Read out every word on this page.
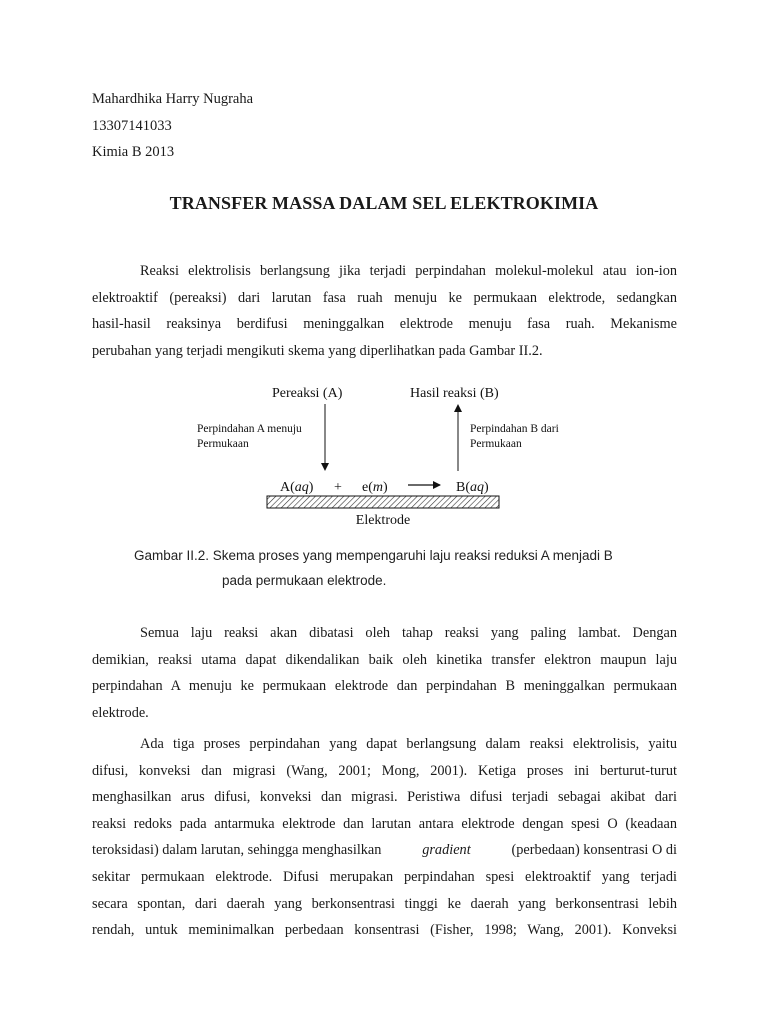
Mahardhika Harry Nugraha
13307141033
Kimia B 2013
TRANSFER MASSA DALAM SEL ELEKTROKIMIA
Reaksi elektrolisis berlangsung jika terjadi perpindahan molekul-molekul atau ion-ion
elektroaktif (pereaksi) dari larutan fasa ruah menuju ke permukaan elektrode, sedangkan
hasil-hasil reaksinya berdifusi meninggalkan elektrode menuju fasa ruah. Mekanisme
perubahan yang terjadi mengikuti skema yang diperlihatkan pada Gambar II.2.
Pereaksi (A)	Hasil reaksi (B)
Perpindahan A menuju
Permukaan
Perpindahan B dari
Permukaan
A(aq) + e(m)	B(aq)
Elektrode
Gambar II.2. Skema proses yang mempengaruhi laju reaksi reduksi A menjadi B
pada permukaan elektrode.
Semua laju reaksi akan dibatasi oleh tahap reaksi yang paling lambat. Dengan
demikian, reaksi utama dapat dikendalikan baik oleh kinetika transfer elektron maupun laju
perpindahan A menuju ke permukaan elektrode dan perpindahan B meninggalkan permukaan
elektrode.
Ada tiga proses perpindahan yang dapat berlangsung dalam reaksi elektrolisis, yaitu
difusi, konveksi dan migrasi (Wang, 2001; Mong, 2001). Ketiga proses ini berturut-turut
menghasilkan arus difusi, konveksi dan migrasi. Peristiwa difusi terjadi sebagai akibat dari
reaksi redoks pada antarmuka elektrode dan larutan antara elektrode dengan spesi O (keadaan
teroksidasi) dalam larutan, sehingga menghasilkan	gradient	(perbedaan) konsentrasi O di
sekitar permukaan elektrode. Difusi merupakan perpindahan spesi elektroaktif yang terjadi
secara spontan, dari daerah yang berkonsentrasi tinggi ke daerah yang berkonsentrasi lebih
rendah, untuk meminimalkan perbedaan konsentrasi (Fisher, 1998; Wang, 2001). Konveksi
